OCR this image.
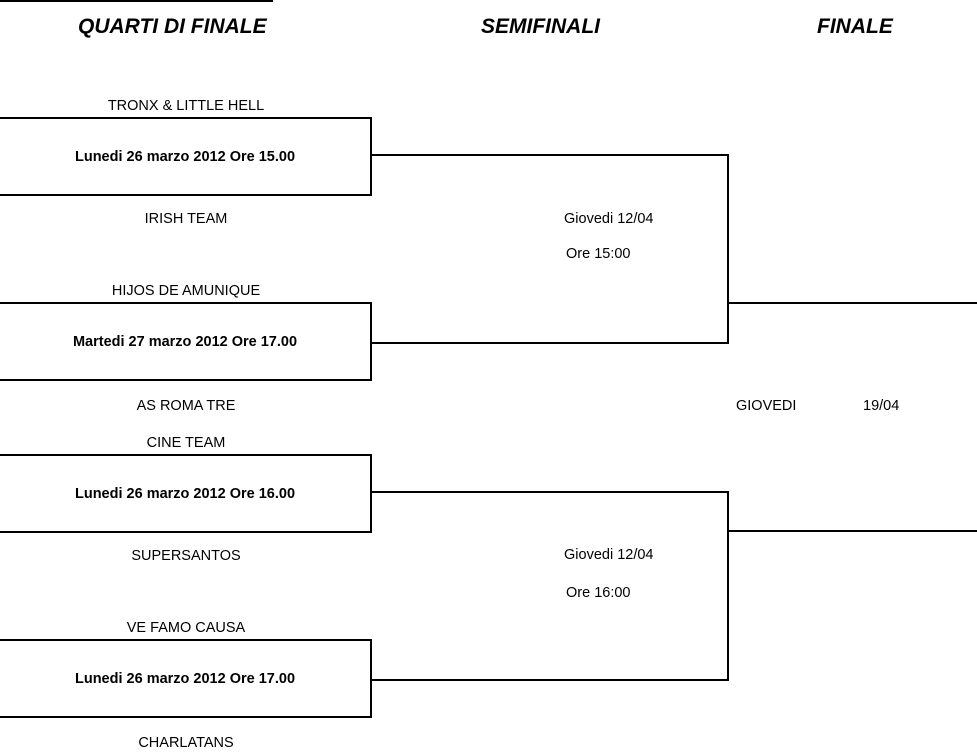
QUARTI DI FINALE	SEMIFINALI	FINALE
TRONX & LITTLE HELL
Lunedi 26 marzo 2012 Ore 15.00
IRISH TEAM
HIJOS DE AMUNIQUE
Martedi 27 marzo 2012 Ore 17.00
AS ROMA TRE
CINE TEAM
Lunedi 26 marzo 2012 Ore 16.00
SUPERSANTOS
VE FAMO CAUSA
Lunedi 26 marzo 2012 Ore 17.00
CHARLATANS
Giovedi 12/04
Ore 15:00
Giovedi 12/04
Ore 16:00
GIOVEDI	19/04
